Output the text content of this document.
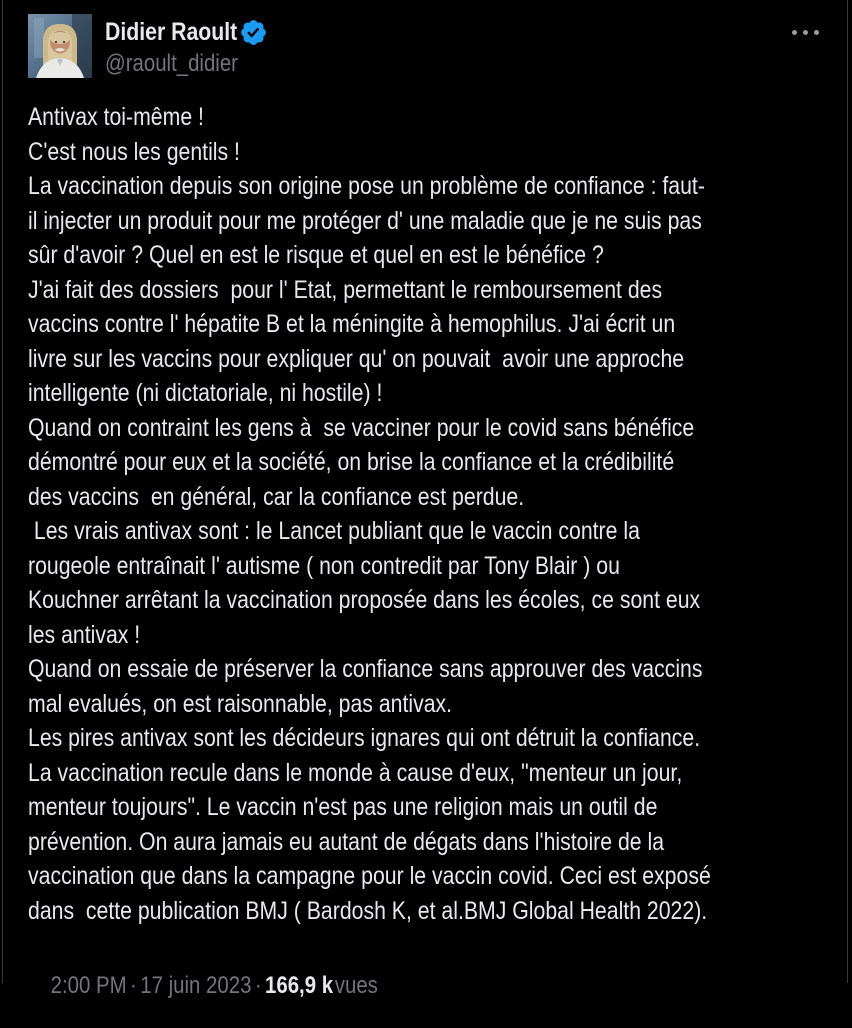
Didier Raoult
@raoult_didier
Antivax toi-même !
C'est nous les gentils !
La vaccination depuis son origine pose un problème de confiance : faut-
il injecter un produit pour me protéger d' une maladie que je ne suis pas
sûr d'avoir ? Quel en est le risque et quel en est le bénéfice ?
J'ai fait des dossiers  pour l' Etat, permettant le remboursement des
vaccins contre l' hépatite B et la méningite à hemophilus. J'ai écrit un
livre sur les vaccins pour expliquer qu' on pouvait  avoir une approche
intelligente (ni dictatoriale, ni hostile) !
Quand on contraint les gens à  se vacciner pour le covid sans bénéfice
démontré pour eux et la société, on brise la confiance et la crédibilité
des vaccins  en général, car la confiance est perdue.
Les vrais antivax sont : le Lancet publiant que le vaccin contre la
rougeole entraînait l' autisme ( non contredit par Tony Blair ) ou
Kouchner arrêtant la vaccination proposée dans les écoles, ce sont eux
les antivax !
Quand on essaie de préserver la confiance sans approuver des vaccins
mal evalués, on est raisonnable, pas antivax.
Les pires antivax sont les décideurs ignares qui ont détruit la confiance.
La vaccination recule dans le monde à cause d'eux, "menteur un jour,
menteur toujours". Le vaccin n'est pas une religion mais un outil de
prévention. On aura jamais eu autant de dégats dans l'histoire de la
vaccination que dans la campagne pour le vaccin covid. Ceci est exposé
dans  cette publication BMJ ( Bardosh K, et al.BMJ Global Health 2022).

2:00 PM · 17 juin 2023 · 166,9 kvues
